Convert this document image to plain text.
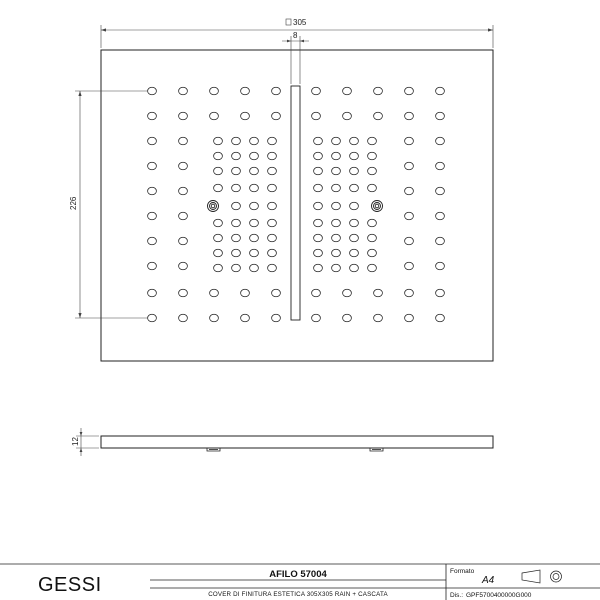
305
8
226
12
GESSI	AFILO 57004
COVER DI FINITURA ESTETICA 305X305 RAIN + CASCATA
Formato
A4
Dis.: GPF5700400000G000
